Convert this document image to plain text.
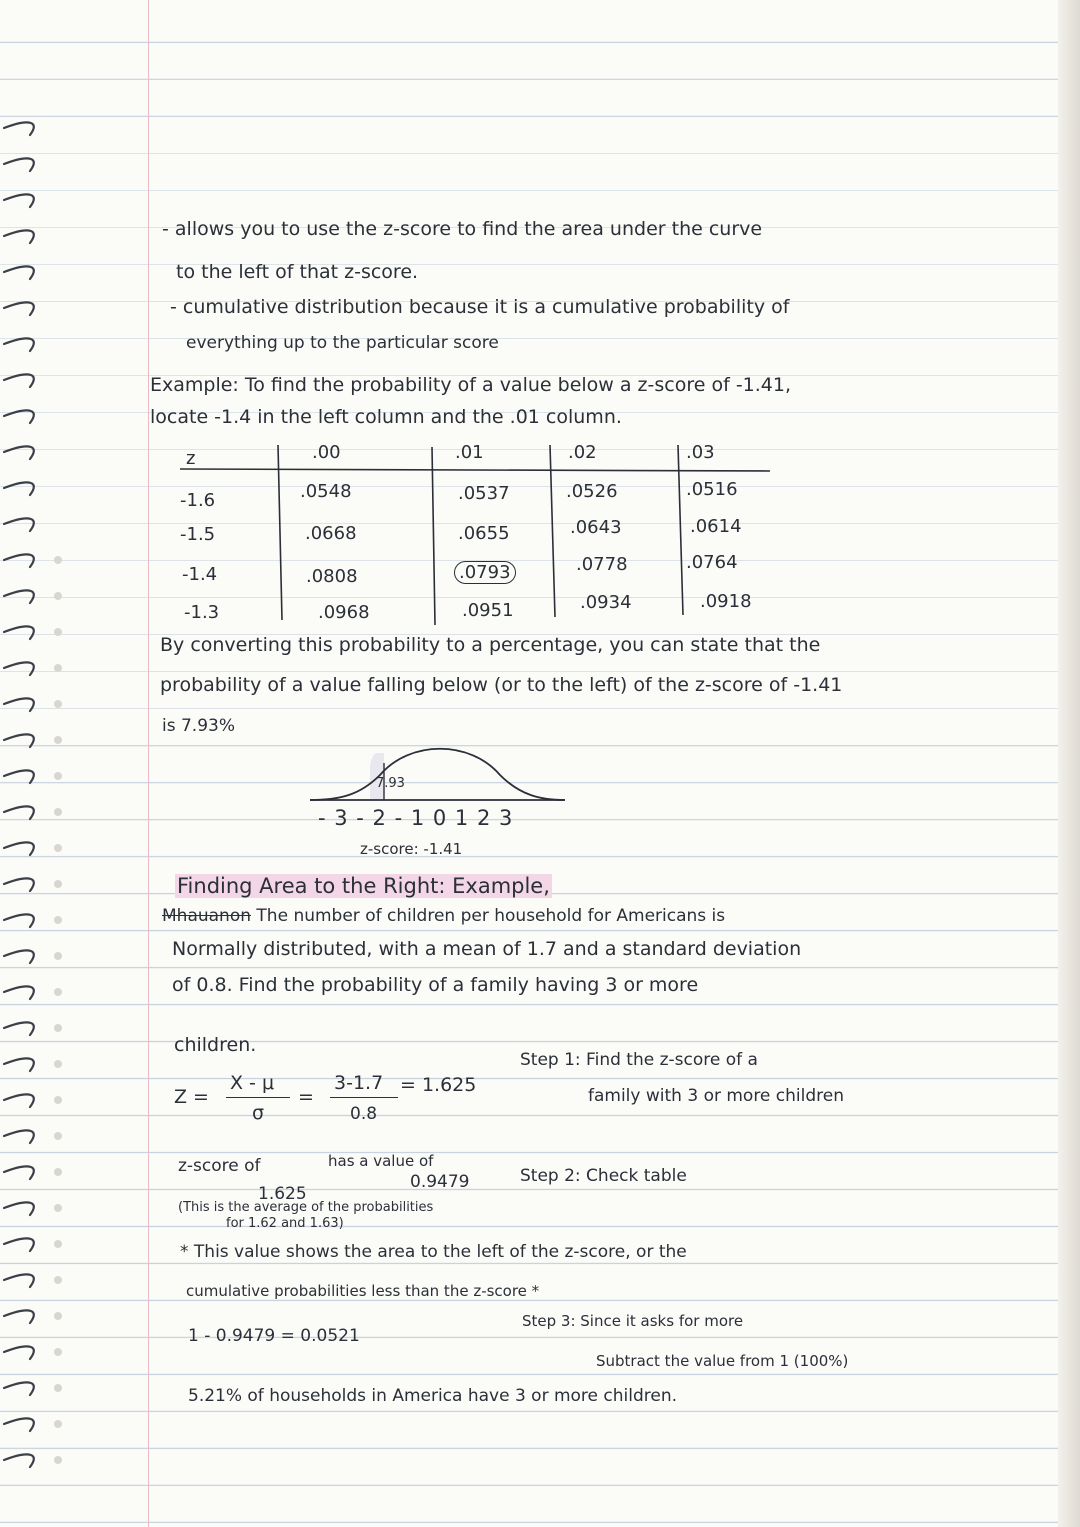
- allows you to use the z-score to find the area under the curve
to the left of that z-score.
- cumulative distribution because it is a cumulative probability of
everything up to the particular score
Example: To find the probability of a value below a z-score of -1.41,
locate -1.4 in the left column and the .01 column.
z	.00	.01	.02	.03
-1.6	.0548	.0537	.0526	.0516
-1.5	.0668	.0655	.0643	.0614
-1.4	.0808	.0793	.0778	.0764
-1.3	.0968	.0951	.0934	.0918
By converting this probability to a percentage, you can state that the
probability of a value falling below (or to the left) of the z-score of -1.41
is 7.93%
7.93
- 3 - 2 - 1 0 1 2 3
z-score: -1.41
Finding Area to the Right: Example,
Mhauanon The number of children per household for Americans is
Normally distributed, with a mean of 1.7 and a standard deviation
of 0.8. Find the probability of a family having 3 or more
children.
Z =
X - μ
σ
=
3-1.7
0.8
= 1.625
Step 1: Find the z-score of a
family with 3 or more children
z-score of
1.625
has a value of
0.9479	Step 2: Check table
(This is the average of the probabilities
for 1.62 and 1.63)
* This value shows the area to the left of the z-score, or the
cumulative probabilities less than the z-score *
1 - 0.9479 = 0.0521
Step 3: Since it asks for more
Subtract the value from 1 (100%)
5.21% of households in America have 3 or more children.
